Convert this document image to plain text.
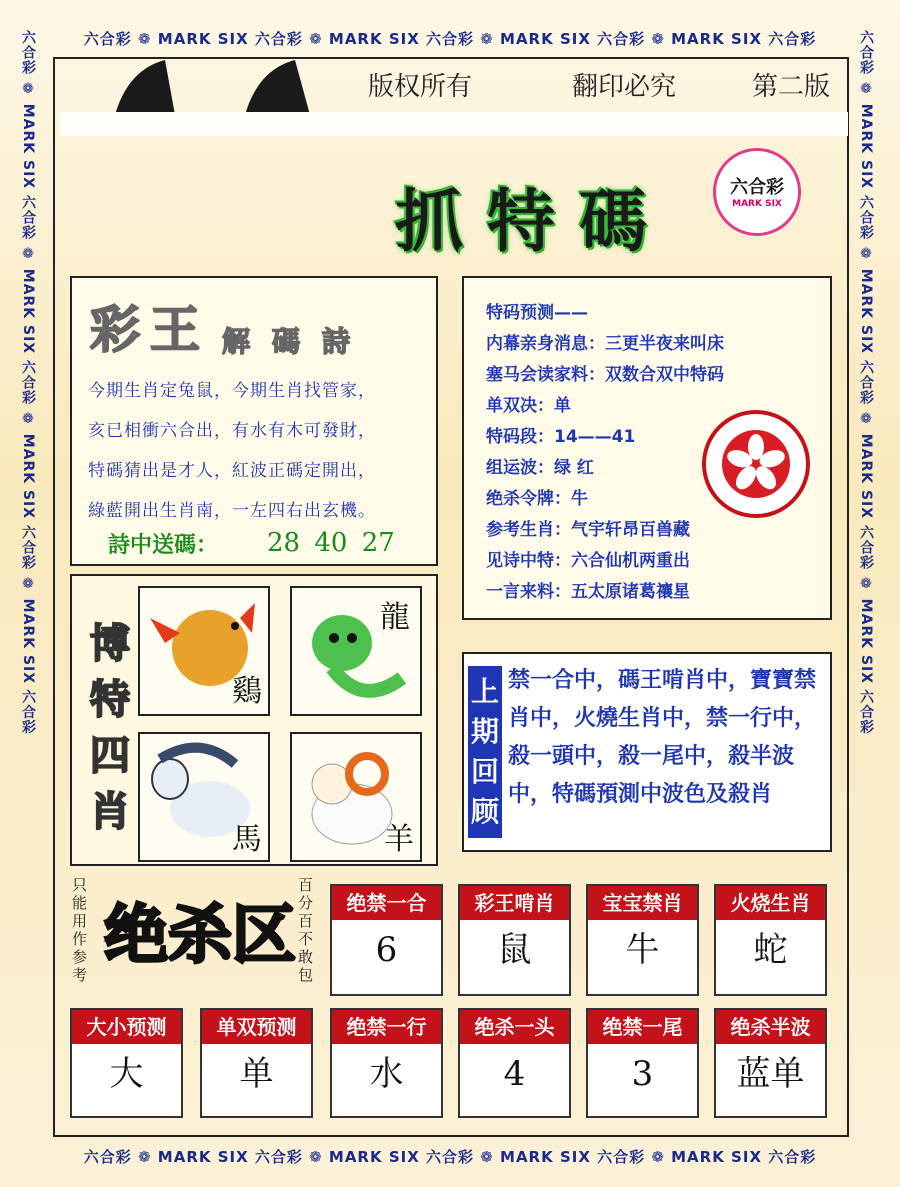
六合彩 ❁ MARK SIX 六合彩 ❁ MARK SIX 六合彩 ❁ MARK SIX 六合彩 ❁ MARK SIX 六合彩
六合彩 ❁ MARK SIX 六合彩 ❁ MARK SIX 六合彩 ❁ MARK SIX 六合彩 ❁ MARK SIX 六合彩
六合彩 ❁ MARK SIX 六合彩 ❁ MARK SIX 六合彩 ❁ MARK SIX 六合彩 ❁ MARK SIX 六合彩	六合彩 ❁ MARK SIX 六合彩 ❁ MARK SIX 六合彩 ❁ MARK SIX 六合彩 ❁ MARK SIX 六合彩
版权所有	翻印必究	第二版
抓特碼	六合彩
MARK SIX
彩王 解碼詩
今期生肖定兔鼠，今期生肖找管家，
亥已相衝六合出，有水有木可發財，
特碼猜出是才人，紅波正碼定開出，
綠藍開出生肖南，一左四右出玄機。
詩中送碼： 28 40 27
特码预测——
内幕亲身消息：三更半夜来叫床
塞马会读家料：双数合双中特码
单双决：单
特码段：14——41
组运波：绿 红
绝杀令牌：牛
参考生肖：气宇轩昂百兽藏
见诗中特：六合仙机两重出
一言来料：五太原诸葛禳星
博特四肖
鷄
龍
馬	羊
上期回顾
禁一合中，碼王啃肖中，寶寶禁肖中，火燒生肖中，禁一行中，殺一頭中，殺一尾中，殺半波中，特碼預測中波色及殺肖
只能用作参考
绝杀区
百分百不敢包
绝禁一合
6
彩王啃肖
鼠
宝宝禁肖
牛
火烧生肖
蛇
大小预测
大
单双预测
单
绝禁一行
水
绝杀一头
4
绝禁一尾
3
绝杀半波
蓝单
